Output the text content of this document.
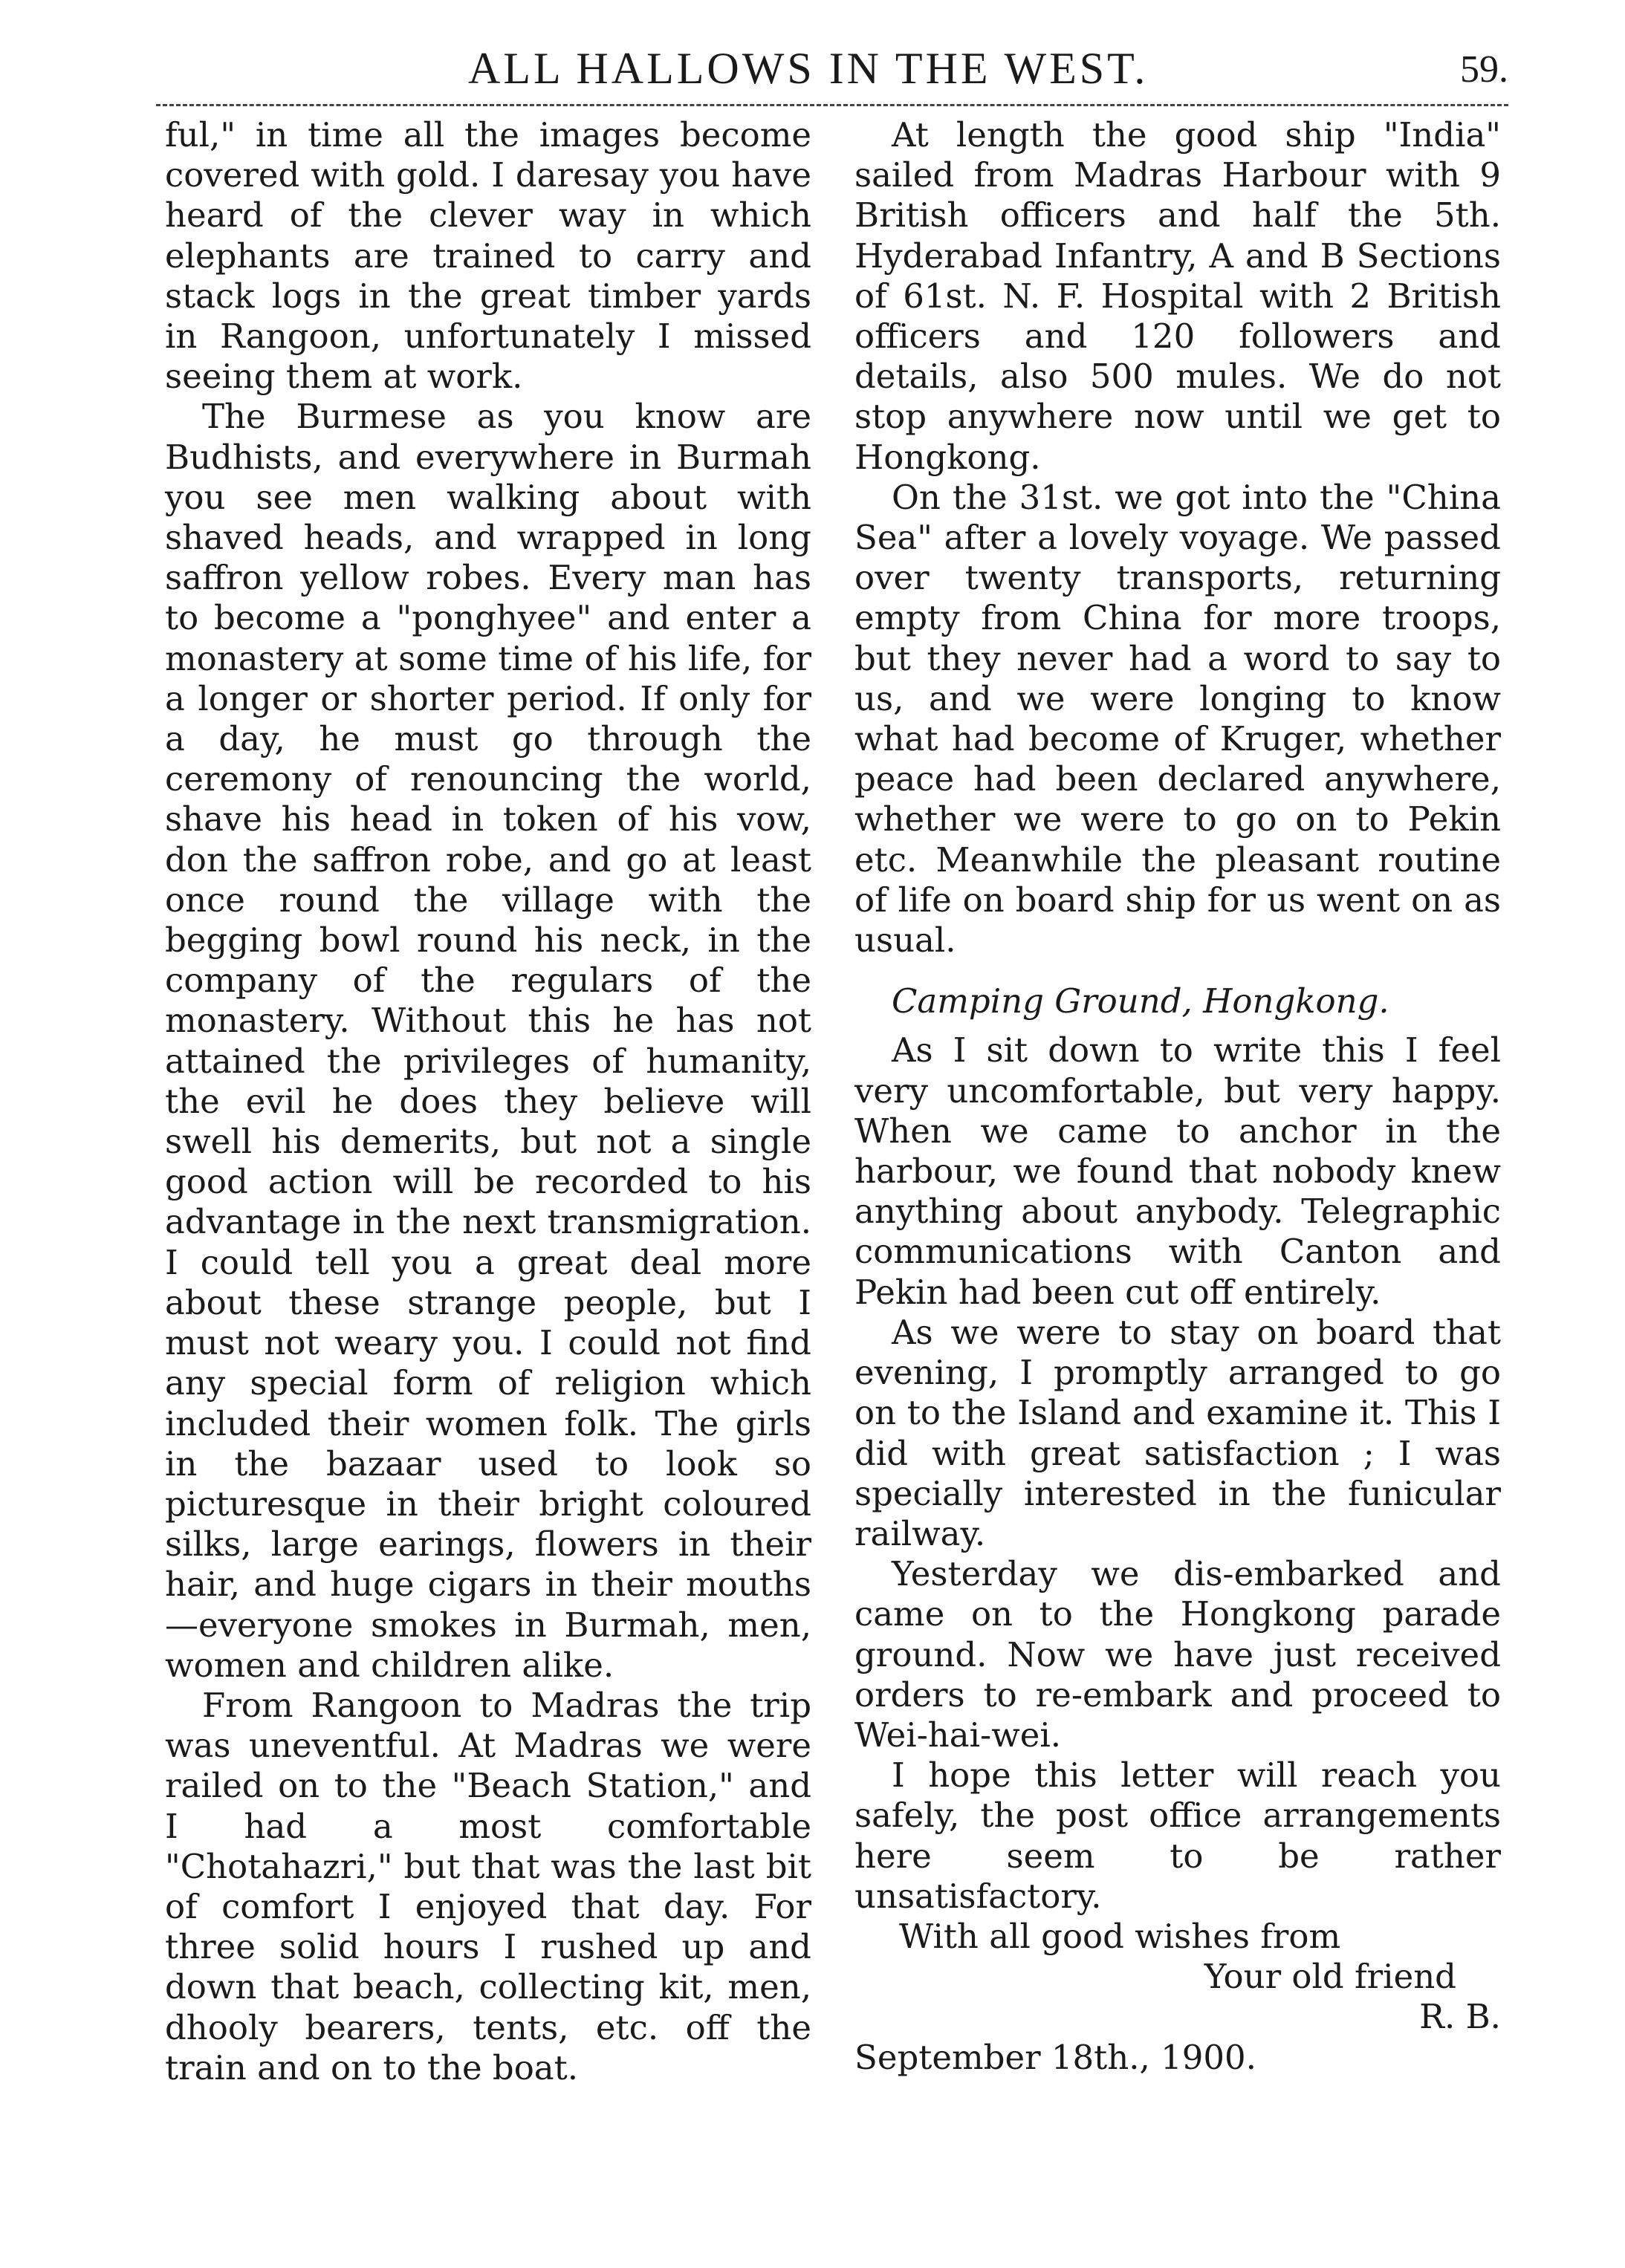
ALL HALLOWS IN THE WEST.	59.

ful," in time all the images become covered with gold. I daresay you have heard of the clever way in which elephants are trained to carry and stack logs in the great timber yards in Rangoon, unfortunately I missed seeing them at work.

The Burmese as you know are Budhists, and everywhere in Burmah you see men walking about with shaved heads, and wrapped in long saffron yellow robes. Every man has to become a "ponghyee" and enter a monastery at some time of his life, for a longer or shorter period. If only for a day, he must go through the ceremony of renouncing the world, shave his head in token of his vow, don the saffron robe, and go at least once round the village with the begging bowl round his neck, in the company of the regulars of the monastery. Without this he has not attained the privileges of humanity, the evil he does they believe will swell his demerits, but not a single good action will be recorded to his advantage in the next transmigration. I could tell you a great deal more about these strange people, but I must not weary you. I could not find any special form of religion which included their women folk. The girls in the bazaar used to look so picturesque in their bright coloured silks, large earings, flowers in their hair, and huge cigars in their mouths—everyone smokes in Burmah, men, women and children alike.

From Rangoon to Madras the trip was uneventful. At Madras we were railed on to the "Beach Station," and I had a most comfortable "Chotahazri," but that was the last bit of comfort I enjoyed that day. For three solid hours I rushed up and down that beach, collecting kit, men, dhooly bearers, tents, etc. off the train and on to the boat.

At length the good ship "India" sailed from Madras Harbour with 9 British officers and half the 5th. Hyderabad Infantry, A and B Sections of 61st. N. F. Hospital with 2 British officers and 120 followers and details, also 500 mules. We do not stop anywhere now until we get to Hongkong.

On the 31st. we got into the "China Sea" after a lovely voyage. We passed over twenty transports, returning empty from China for more troops, but they never had a word to say to us, and we were longing to know what had become of Kruger, whether peace had been declared anywhere, whether we were to go on to Pekin etc. Meanwhile the pleasant routine of life on board ship for us went on as usual.

Camping Ground, Hongkong.

As I sit down to write this I feel very uncomfortable, but very happy. When we came to anchor in the harbour, we found that nobody knew anything about anybody. Telegraphic communications with Canton and Pekin had been cut off entirely.

As we were to stay on board that evening, I promptly arranged to go on to the Island and examine it. This I did with great satisfaction ; I was specially interested in the funicular railway.

Yesterday we dis-embarked and came on to the Hongkong parade ground. Now we have just received orders to re-embark and proceed to Wei-hai-wei.

I hope this letter will reach you safely, the post office arrangements here seem to be rather unsatisfactory.

With all good wishes from

Your old friend

R. B.

September 18th., 1900.
